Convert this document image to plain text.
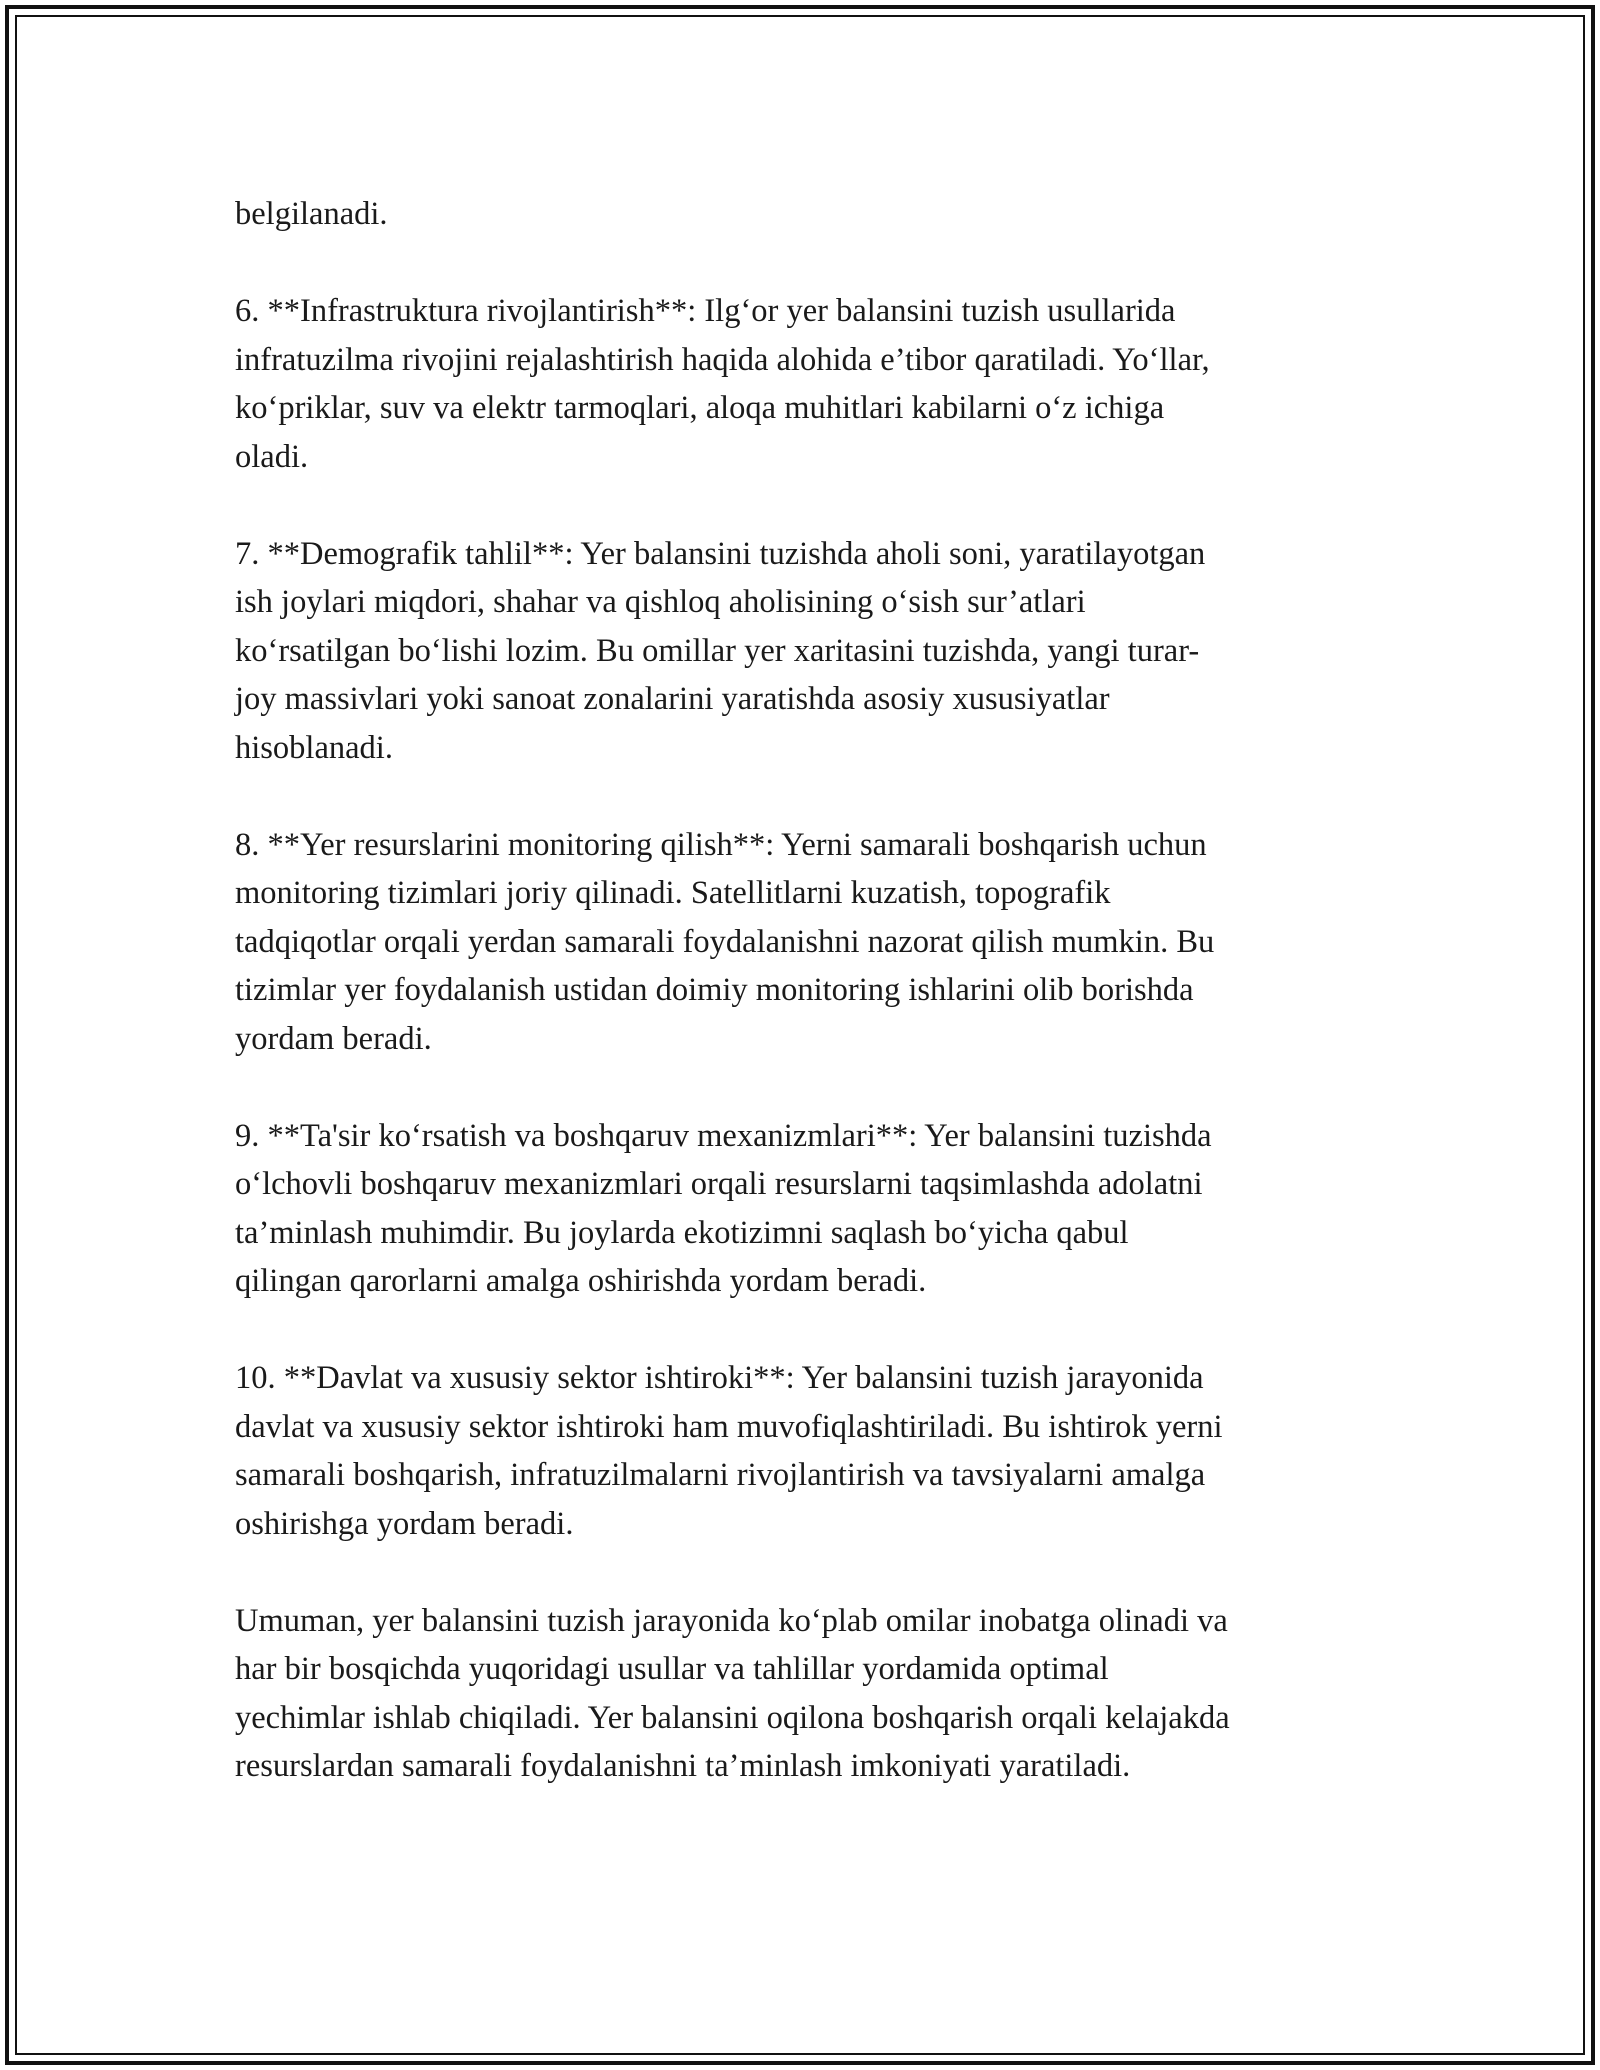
belgilanadi.

6. **Infrastruktura rivojlantirish**: Ilg‘or yer balansini tuzish usullarida
infratuzilma rivojini rejalashtirish haqida alohida e’tibor qaratiladi. Yo‘llar,
ko‘priklar, suv va elektr tarmoqlari, aloqa muhitlari kabilarni o‘z ichiga
oladi.

7. **Demografik tahlil**: Yer balansini tuzishda aholi soni, yaratilayotgan
ish joylari miqdori, shahar va qishloq aholisining o‘sish sur’atlari
ko‘rsatilgan bo‘lishi lozim. Bu omillar yer xaritasini tuzishda, yangi turar-
joy massivlari yoki sanoat zonalarini yaratishda asosiy xususiyatlar
hisoblanadi.

8. **Yer resurslarini monitoring qilish**: Yerni samarali boshqarish uchun
monitoring tizimlari joriy qilinadi. Satellitlarni kuzatish, topografik
tadqiqotlar orqali yerdan samarali foydalanishni nazorat qilish mumkin. Bu
tizimlar yer foydalanish ustidan doimiy monitoring ishlarini olib borishda
yordam beradi.

9. **Ta'sir ko‘rsatish va boshqaruv mexanizmlari**: Yer balansini tuzishda
o‘lchovli boshqaruv mexanizmlari orqali resurslarni taqsimlashda adolatni
ta’minlash muhimdir. Bu joylarda ekotizimni saqlash bo‘yicha qabul
qilingan qarorlarni amalga oshirishda yordam beradi.

10. **Davlat va xususiy sektor ishtiroki**: Yer balansini tuzish jarayonida
davlat va xususiy sektor ishtiroki ham muvofiqlashtiriladi. Bu ishtirok yerni
samarali boshqarish, infratuzilmalarni rivojlantirish va tavsiyalarni amalga
oshirishga yordam beradi.

Umuman, yer balansini tuzish jarayonida ko‘plab omilar inobatga olinadi va
har bir bosqichda yuqoridagi usullar va tahlillar yordamida optimal
yechimlar ishlab chiqiladi. Yer balansini oqilona boshqarish orqali kelajakda
resurslardan samarali foydalanishni ta’minlash imkoniyati yaratiladi.
